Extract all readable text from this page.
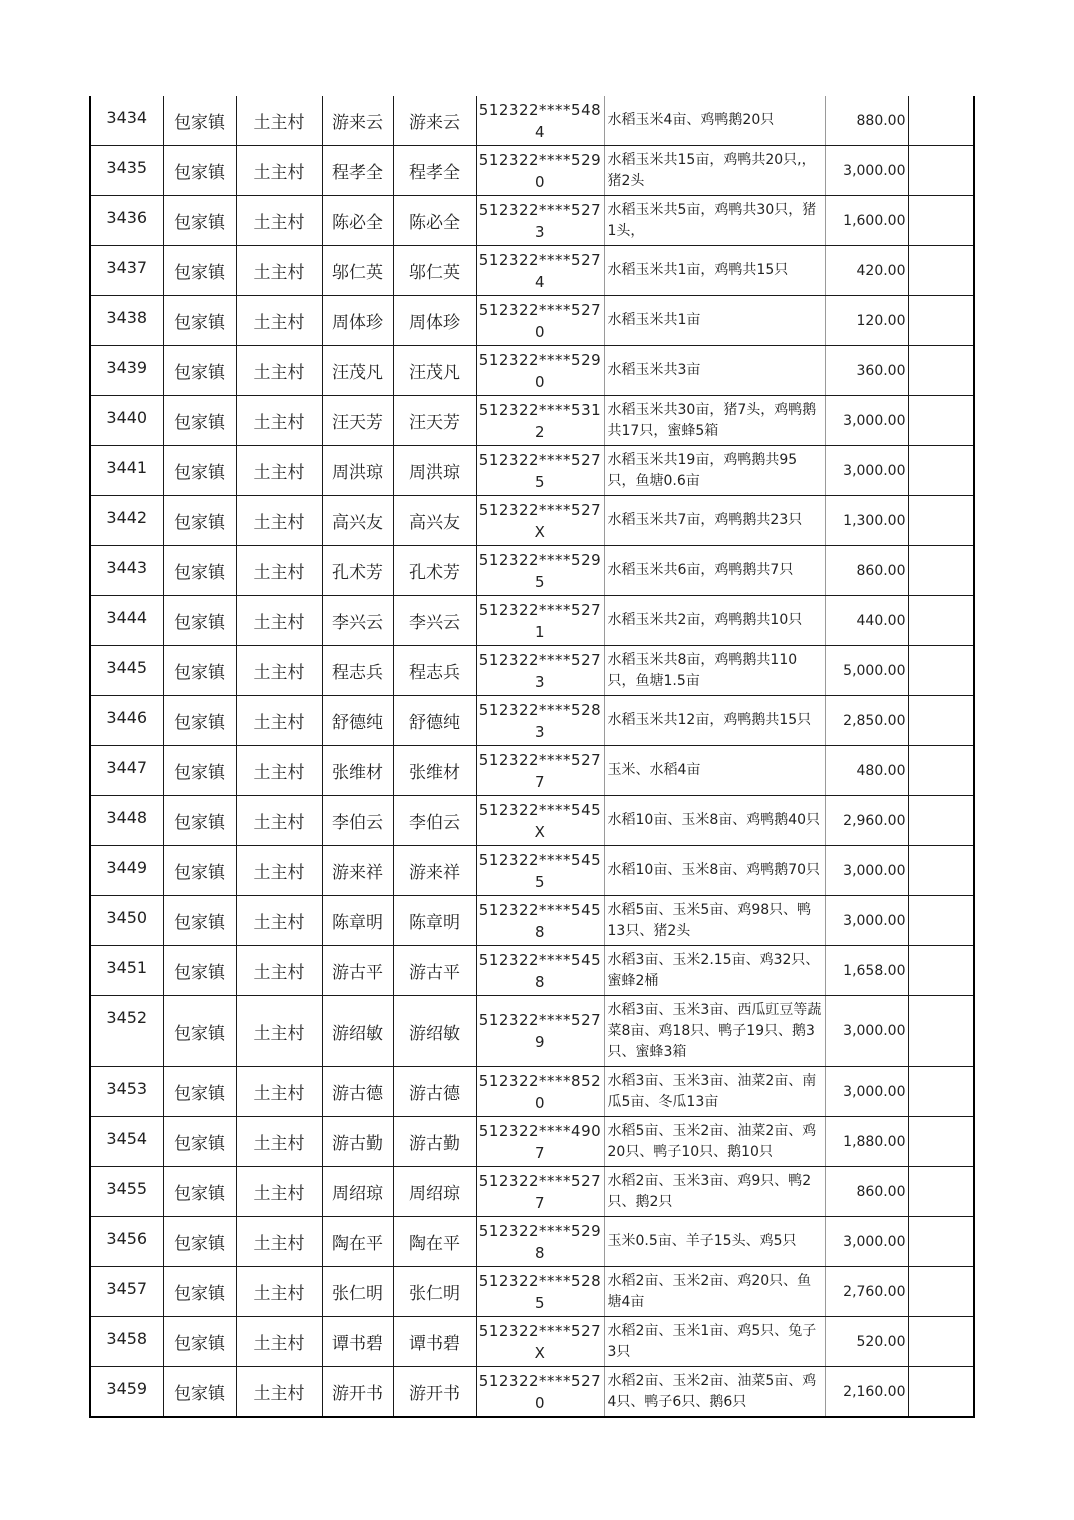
3434	包家镇	土主村	游来云	游来云	512322****5484	水稻玉米4亩、鸡鸭鹅20只	880.00	
3435	包家镇	土主村	程孝全	程孝全	512322****5290	水稻玉米共15亩，鸡鸭共20只,，猪2头	3,000.00	
3436	包家镇	土主村	陈必全	陈必全	512322****5273	水稻玉米共5亩，鸡鸭共30只，猪1头，	1,600.00	
3437	包家镇	土主村	邬仁英	邬仁英	512322****5274	水稻玉米共1亩，鸡鸭共15只	420.00	
3438	包家镇	土主村	周体珍	周体珍	512322****5270	水稻玉米共1亩	120.00	
3439	包家镇	土主村	汪茂凡	汪茂凡	512322****5290	水稻玉米共3亩	360.00	
3440	包家镇	土主村	汪天芳	汪天芳	512322****5312	水稻玉米共30亩，猪7头，鸡鸭鹅共17只，蜜蜂5箱	3,000.00	
3441	包家镇	土主村	周洪琼	周洪琼	512322****5275	水稻玉米共19亩，鸡鸭鹅共95只，鱼塘0.6亩	3,000.00	
3442	包家镇	土主村	高兴友	高兴友	512322****527X	水稻玉米共7亩，鸡鸭鹅共23只	1,300.00	
3443	包家镇	土主村	孔术芳	孔术芳	512322****5295	水稻玉米共6亩，鸡鸭鹅共7只	860.00	
3444	包家镇	土主村	李兴云	李兴云	512322****5271	水稻玉米共2亩，鸡鸭鹅共10只	440.00	
3445	包家镇	土主村	程志兵	程志兵	512322****5273	水稻玉米共8亩，鸡鸭鹅共110只，鱼塘1.5亩	5,000.00	
3446	包家镇	土主村	舒德纯	舒德纯	512322****5283	水稻玉米共12亩，鸡鸭鹅共15只	2,850.00	
3447	包家镇	土主村	张维材	张维材	512322****5277	玉米、水稻4亩	480.00	
3448	包家镇	土主村	李伯云	李伯云	512322****545X	水稻10亩、玉米8亩、鸡鸭鹅40只	2,960.00	
3449	包家镇	土主村	游来祥	游来祥	512322****5455	水稻10亩、玉米8亩、鸡鸭鹅70只	3,000.00	
3450	包家镇	土主村	陈章明	陈章明	512322****5458	水稻5亩、玉米5亩、鸡98只、鸭13只、猪2头	3,000.00	
3451	包家镇	土主村	游古平	游古平	512322****5458	水稻3亩、玉米2.15亩、鸡32只、蜜蜂2桶	1,658.00	
3452	包家镇	土主村	游绍敏	游绍敏	512322****5279	水稻3亩、玉米3亩、西瓜豇豆等蔬菜8亩、鸡18只、鸭子19只、鹅3只、蜜蜂3箱	3,000.00	
3453	包家镇	土主村	游古德	游古德	512322****8520	水稻3亩、玉米3亩、油菜2亩、南瓜5亩、冬瓜13亩	3,000.00	
3454	包家镇	土主村	游古勤	游古勤	512322****4907	水稻5亩、玉米2亩、油菜2亩、鸡20只、鸭子10只、鹅10只	1,880.00	
3455	包家镇	土主村	周绍琼	周绍琼	512322****5277	水稻2亩、玉米3亩、鸡9只、鸭2只、鹅2只	860.00	
3456	包家镇	土主村	陶在平	陶在平	512322****5298	玉米0.5亩、羊子15头、鸡5只	3,000.00	
3457	包家镇	土主村	张仁明	张仁明	512322****5285	水稻2亩、玉米2亩、鸡20只、鱼塘4亩	2,760.00	
3458	包家镇	土主村	谭书碧	谭书碧	512322****527X	水稻2亩、玉米1亩、鸡5只、兔子3只	520.00	
3459	包家镇	土主村	游开书	游开书	512322****5270	水稻2亩、玉米2亩、油菜5亩、鸡4只、鸭子6只、鹅6只	2,160.00	
